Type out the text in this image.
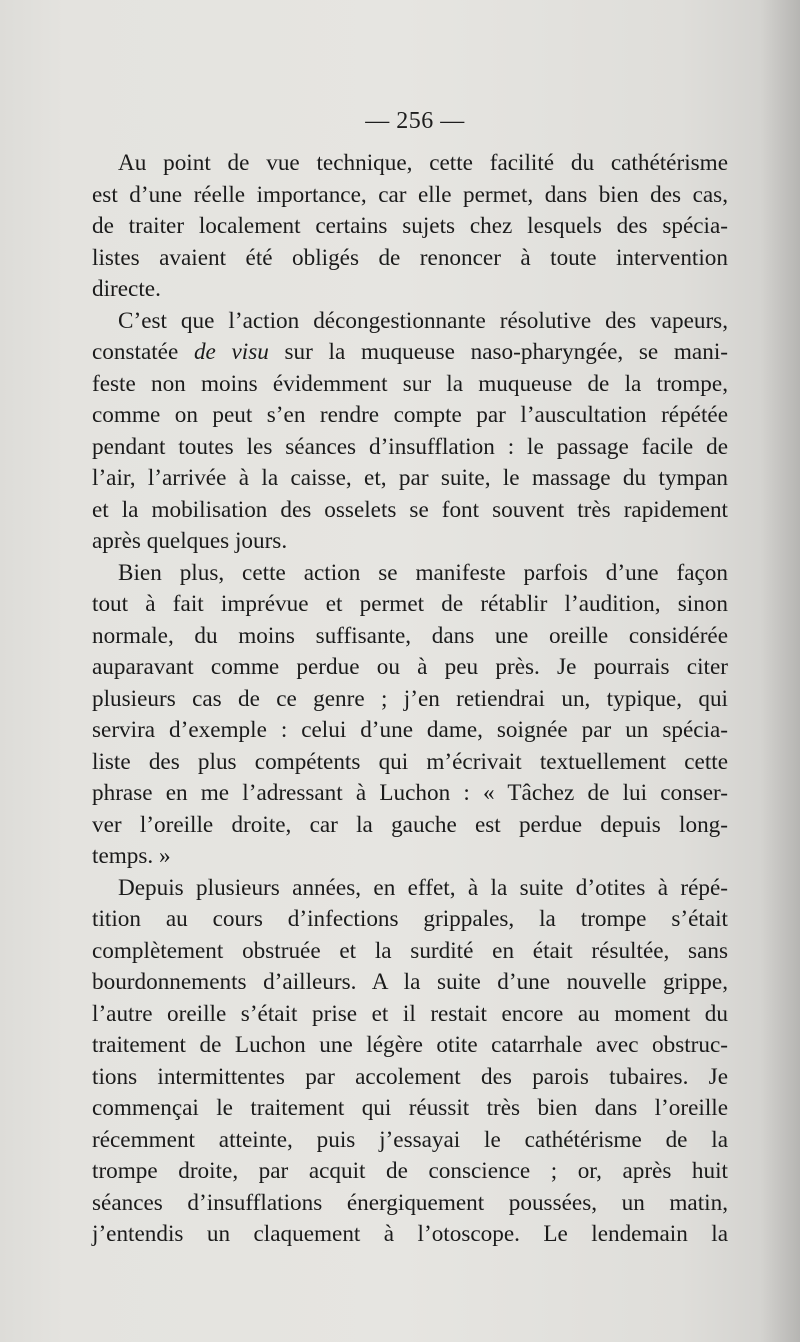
— 256 —
Au point de vue technique, cette facilité du cathétérisme
est d’une réelle importance, car elle permet, dans bien des cas,
de traiter localement certains sujets chez lesquels des spécia-
listes avaient été obligés de renoncer à toute intervention
directe.
C’est que l’action décongestionnante résolutive des vapeurs,
constatée de visu sur la muqueuse naso-pharyngée, se mani-
feste non moins évidemment sur la muqueuse de la trompe,
comme on peut s’en rendre compte par l’auscultation répétée
pendant toutes les séances d’insufflation : le passage facile de
l’air, l’arrivée à la caisse, et, par suite, le massage du tympan
et la mobilisation des osselets se font souvent très rapidement
après quelques jours.
Bien plus, cette action se manifeste parfois d’une façon
tout à fait imprévue et permet de rétablir l’audition, sinon
normale, du moins suffisante, dans une oreille considérée
auparavant comme perdue ou à peu près. Je pourrais citer
plusieurs cas de ce genre ; j’en retiendrai un, typique, qui
servira d’exemple : celui d’une dame, soignée par un spécia-
liste des plus compétents qui m’écrivait textuellement cette
phrase en me l’adressant à Luchon : « Tâchez de lui conser-
ver l’oreille droite, car la gauche est perdue depuis long-
temps. »
Depuis plusieurs années, en effet, à la suite d’otites à répé-
tition au cours d’infections grippales, la trompe s’était
complètement obstruée et la surdité en était résultée, sans
bourdonnements d’ailleurs. A la suite d’une nouvelle grippe,
l’autre oreille s’était prise et il restait encore au moment du
traitement de Luchon une légère otite catarrhale avec obstruc-
tions intermittentes par accolement des parois tubaires. Je
commençai le traitement qui réussit très bien dans l’oreille
récemment atteinte, puis j’essayai le cathétérisme de la
trompe droite, par acquit de conscience ; or, après huit
séances d’insufflations énergiquement poussées, un matin,
j’entendis un claquement à l’otoscope. Le lendemain la
